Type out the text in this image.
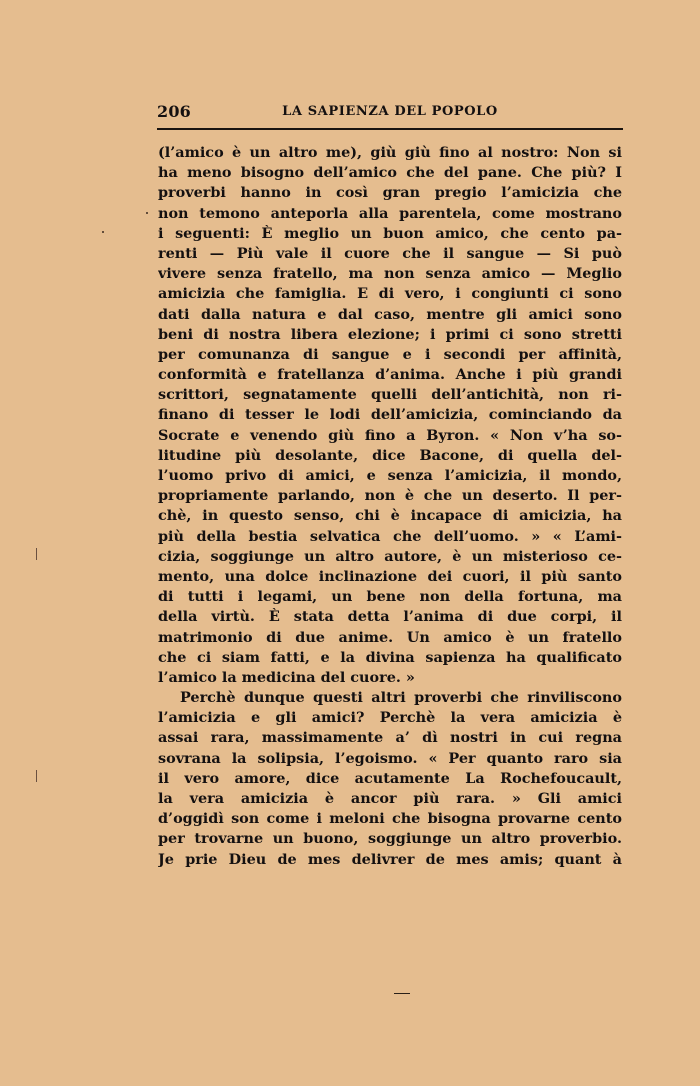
206	LA SAPIENZA DEL POPOLO
(l’amico è un altro me), giù giù fino al nostro: Non si
ha meno bisogno dell’amico che del pane. Che più? I
proverbi hanno in così gran pregio l’amicizia che
non temono anteporla alla parentela, come mostrano
i seguenti: È meglio un buon amico, che cento pa-
renti — Più vale il cuore che il sangue — Si può
vivere senza fratello, ma non senza amico — Meglio
amicizia che famiglia. E di vero, i congiunti ci sono
dati dalla natura e dal caso, mentre gli amici sono
beni di nostra libera elezione; i primi ci sono stretti
per comunanza di sangue e i secondi per affinità,
conformità e fratellanza d’anima. Anche i più grandi
scrittori, segnatamente quelli dell’antichità, non ri-
finano di tesser le lodi dell’amicizia, cominciando da
Socrate e venendo giù fino a Byron. « Non v’ha so-
litudine più desolante, dice Bacone, di quella del-
l’uomo privo di amici, e senza l’amicizia, il mondo,
propriamente parlando, non è che un deserto. Il per-
chè, in questo senso, chi è incapace di amicizia, ha
più della bestia selvatica che dell’uomo. » « L’ami-
cizia, soggiunge un altro autore, è un misterioso ce-
mento, una dolce inclinazione dei cuori, il più santo
di tutti i legami, un bene non della fortuna, ma
della virtù. È stata detta l’anima di due corpi, il
matrimonio di due anime. Un amico è un fratello
che ci siam fatti, e la divina sapienza ha qualificato
l’amico la medicina del cuore. »
Perchè dunque questi altri proverbi che rinviliscono
l’amicizia e gli amici? Perchè la vera amicizia è
assai rara, massimamente a’ dì nostri in cui regna
sovrana la solipsia, l’egoismo. « Per quanto raro sia
il vero amore, dice acutamente La Rochefoucault,
la vera amicizia è ancor più rara. » Gli amici
d’oggidì son come i meloni che bisogna provarne cento
per trovarne un buono, soggiunge un altro proverbio.
Je prie Dieu de mes delivrer de mes amis; quant à
